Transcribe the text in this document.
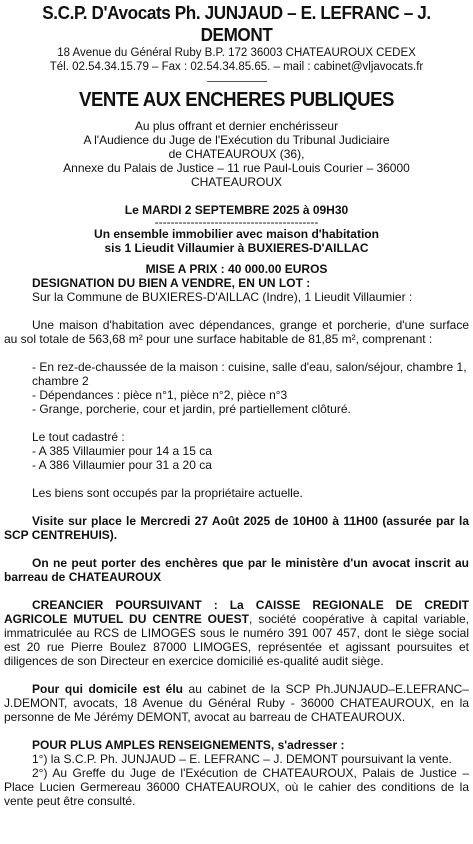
S.C.P. D'Avocats Ph. JUNJAUD – E. LEFRANC – J. DEMONT
18 Avenue du Général Ruby B.P. 172 36003 CHATEAUROUX CEDEX
Tél. 02.54.34.15.79 – Fax : 02.54.34.85.65. – mail : cabinet@vljavocats.fr
VENTE AUX ENCHERES PUBLIQUES
Au plus offrant et dernier enchérisseur
A l'Audience du Juge de l'Exécution du Tribunal Judiciaire
de CHATEAUROUX (36),
Annexe du Palais de Justice – 11 rue Paul-Louis Courier – 36000
CHATEAUROUX
Le MARDI 2 SEPTEMBRE 2025 à 09H30
-----------------------------------------
Un ensemble immobilier avec maison d'habitation
sis 1 Lieudit Villaumier à BUXIERES-D'AILLAC
MISE A PRIX : 40 000.00 EUROS
DESIGNATION DU BIEN A VENDRE, EN UN LOT :
Sur la Commune de BUXIERES-D'AILLAC (Indre), 1 Lieudit Villaumier :

Une maison d'habitation avec dépendances, grange et porcherie, d'une surface au sol totale de 563,68 m² pour une surface habitable de 81,85 m², comprenant :

- En rez-de-chaussée de la maison : cuisine, salle d'eau, salon/séjour, chambre 1, chambre 2
- Dépendances : pièce n°1, pièce n°2, pièce n°3
- Grange, porcherie, cour et jardin, pré partiellement clôturé.
Le tout cadastré :
- A 385 Villaumier pour 14 a 15 ca
- A 386 Villaumier pour 31 a 20 ca
Les biens sont occupés par la propriétaire actuelle.

Visite sur place le Mercredi 27 Août 2025 de 10H00 à 11H00 (assurée par la SCP CENTREHUIS).

On ne peut porter des enchères que par le ministère d'un avocat inscrit au barreau de CHATEAUROUX

CREANCIER POURSUIVANT : La CAISSE REGIONALE DE CREDIT AGRICOLE MUTUEL DU CENTRE OUEST, société coopérative à capital variable, immatriculée au RCS de LIMOGES sous le numéro 391 007 457, dont le siège social est 20 rue Pierre Boulez 87000 LIMOGES, représentée et agissant poursuites et diligences de son Directeur en exercice domicilié es-qualité audit siège.

Pour qui domicile est élu au cabinet de la SCP Ph.JUNJAUD–E.LEFRANC–J.DEMONT, avocats, 18 Avenue du Général Ruby - 36000 CHATEAUROUX, en la personne de Me Jérémy DEMONT, avocat au barreau de CHATEAUROUX.

POUR PLUS AMPLES RENSEIGNEMENTS, s'adresser :
1°) la S.C.P. Ph. JUNJAUD – E. LEFRANC – J. DEMONT poursuivant la vente.

2°) Au Greffe du Juge de l'Exécution de CHATEAUROUX, Palais de Justice – Place Lucien Germereau 36000 CHATEAUROUX, où le cahier des conditions de la vente peut être consulté.
